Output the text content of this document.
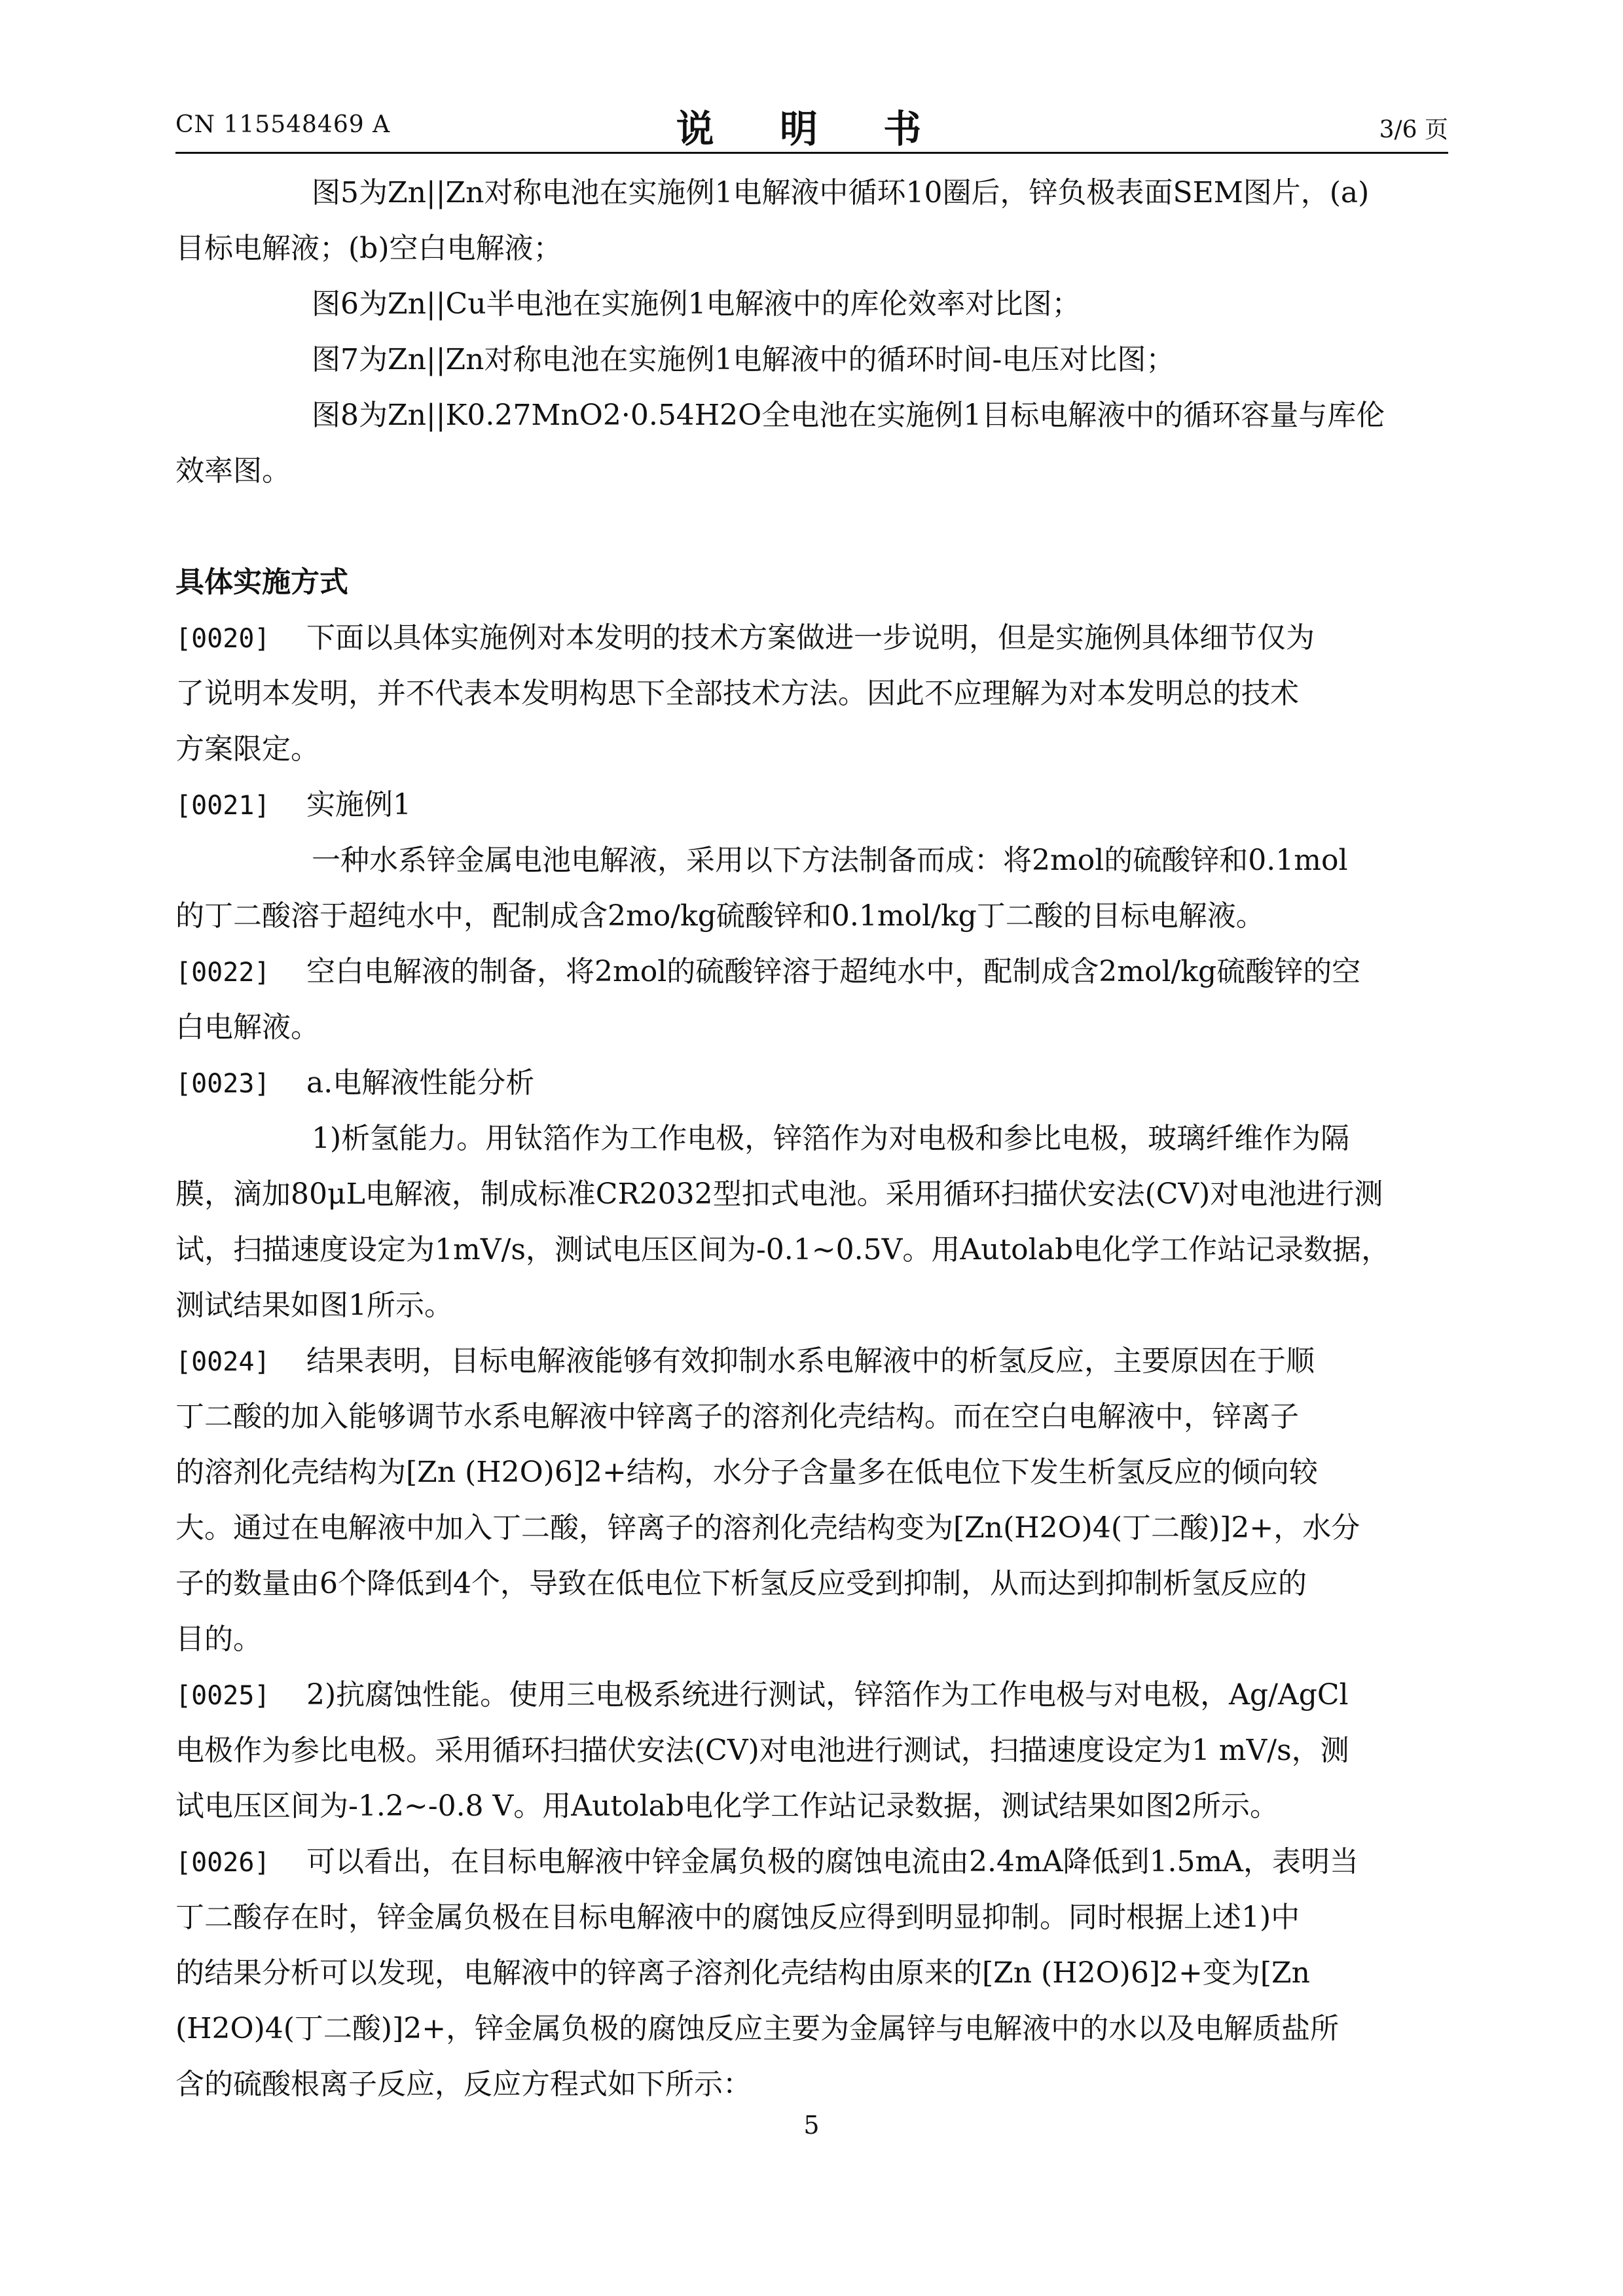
CN 115548469 A	说 明 书	3/6 页
图5为Zn||Zn对称电池在实施例1电解液中循环10圈后，锌负极表面SEM图片，(a)
目标电解液；(b)空白电解液；
图6为Zn||Cu半电池在实施例1电解液中的库伦效率对比图；
图7为Zn||Zn对称电池在实施例1电解液中的循环时间-电压对比图；
图8为Zn||K0.27MnO2·0.54H2O全电池在实施例1目标电解液中的循环容量与库伦
效率图。
具体实施方式
[0020] 下面以具体实施例对本发明的技术方案做进一步说明，但是实施例具体细节仅为
了说明本发明，并不代表本发明构思下全部技术方法。因此不应理解为对本发明总的技术
方案限定。
[0021] 实施例1
一种水系锌金属电池电解液，采用以下方法制备而成：将2mol的硫酸锌和0.1mol
的丁二酸溶于超纯水中，配制成含2mo/kg硫酸锌和0.1mol/kg丁二酸的目标电解液。
[0022] 空白电解液的制备，将2mol的硫酸锌溶于超纯水中，配制成含2mol/kg硫酸锌的空
白电解液。
[0023] a.电解液性能分析
1)析氢能力。用钛箔作为工作电极，锌箔作为对电极和参比电极，玻璃纤维作为隔
膜，滴加80μL电解液，制成标准CR2032型扣式电池。采用循环扫描伏安法(CV)对电池进行测
试，扫描速度设定为1mV/s，测试电压区间为-0.1~0.5V。用Autolab电化学工作站记录数据，
测试结果如图1所示。
[0024] 结果表明，目标电解液能够有效抑制水系电解液中的析氢反应，主要原因在于顺
丁二酸的加入能够调节水系电解液中锌离子的溶剂化壳结构。而在空白电解液中，锌离子
的溶剂化壳结构为[Zn (H2O)6]2+结构，水分子含量多在低电位下发生析氢反应的倾向较
大。通过在电解液中加入丁二酸，锌离子的溶剂化壳结构变为[Zn(H2O)4(丁二酸)]2+，水分
子的数量由6个降低到4个，导致在低电位下析氢反应受到抑制，从而达到抑制析氢反应的
目的。
[0025] 2)抗腐蚀性能。使用三电极系统进行测试，锌箔作为工作电极与对电极，Ag/AgCl
电极作为参比电极。采用循环扫描伏安法(CV)对电池进行测试，扫描速度设定为1 mV/s，测
试电压区间为-1.2~-0.8 V。用Autolab电化学工作站记录数据，测试结果如图2所示。
[0026] 可以看出，在目标电解液中锌金属负极的腐蚀电流由2.4mA降低到1.5mA，表明当
丁二酸存在时，锌金属负极在目标电解液中的腐蚀反应得到明显抑制。同时根据上述1)中
的结果分析可以发现，电解液中的锌离子溶剂化壳结构由原来的[Zn (H2O)6]2+变为[Zn
(H2O)4(丁二酸)]2+，锌金属负极的腐蚀反应主要为金属锌与电解液中的水以及电解质盐所
含的硫酸根离子反应，反应方程式如下所示：
5
